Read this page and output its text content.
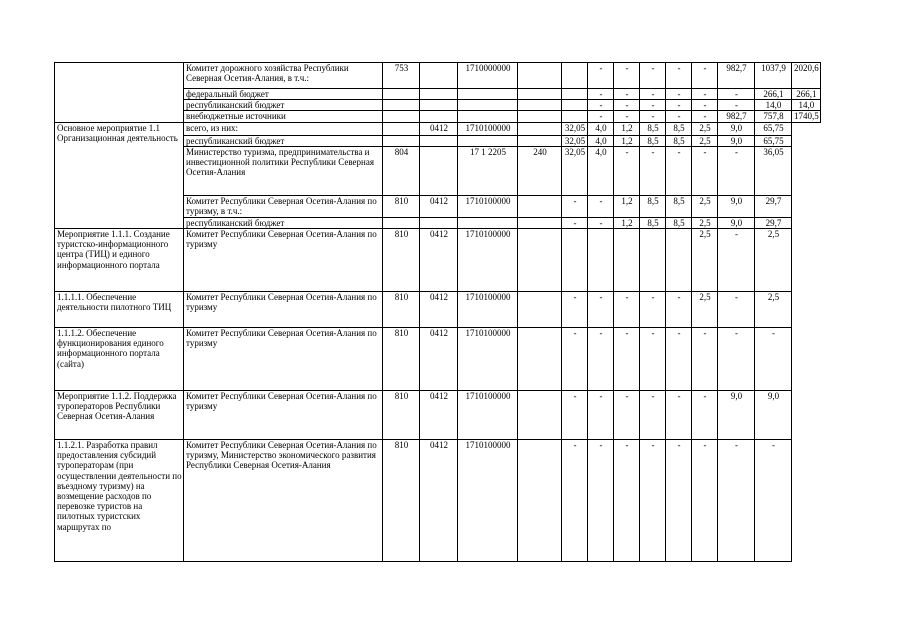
	Комитет дорожного хозяйства Республики Северная Осетия-Алания, в т.ч.:	753		1710000000			-	-	-	-	-	982,7	1037,9	2020,6
	федеральный бюджет						-	-	-	-	-	-	266,1	266,1
	республиканский бюджет						-	-	-	-	-	-	14,0	14,0
	внебюджетные источники						-	-	-	-	-	982,7	757,8	1740,5
Основное мероприятие 1.1 Организационная деятельность	всего, из них:		0412	1710100000		32,05	4,0	1,2	8,5	8,5	2,5	9,0	65,75	
	республиканский бюджет					32,05	4,0	1,2	8,5	8,5	2,5	9,0	65,75	
	Министерство туризма, предпринимательства и инвестиционной политики Республики Северная Осетия-Алания	804		17 1 2205	240	32,05	4,0	-	-	-	-	-	36,05	
	Комитет Республики Северная Осетия-Алания по туризму, в т.ч.:	810	0412	1710100000		-	-	1,2	8,5	8,5	2,5	9,0	29,7	
	республиканский бюджет					-	-	1,2	8,5	8,5	2,5	9,0	29,7	
Мероприятие 1.1.1. Создание туристско-информационного центра (ТИЦ) и единого информационного портала	Комитет Республики Северная Осетия-Алания по туризму	810	0412	1710100000							2,5	-	2,5	
1.1.1.1. Обеспечение деятельности пилотного ТИЦ	Комитет Республики Северная Осетия-Алания по туризму	810	0412	1710100000		-	-	-	-	-	2,5	-	2,5	
1.1.1.2. Обеспечение функционирования единого информационного портала (сайта)	Комитет Республики Северная Осетия-Алания по туризму	810	0412	1710100000		-	-	-	-	-	-	-	-	
Мероприятие 1.1.2. Поддержка туроператоров Республики Северная Осетия-Алания	Комитет Республики Северная Осетия-Алания по туризму	810	0412	1710100000		-	-	-	-	-	-	9,0	9,0	
1.1.2.1. Разработка правил предоставления субсидий туроператорам (при осуществлении деятельности по въездному туризму) на возмещение расходов по перевозке туристов на пилотных туристских маршрутах по	Комитет Республики Северная Осетия-Алания по туризму, Министерство экономического развития Республики Северная Осетия-Алания	810	0412	1710100000		-	-	-	-	-	-	-	-	
